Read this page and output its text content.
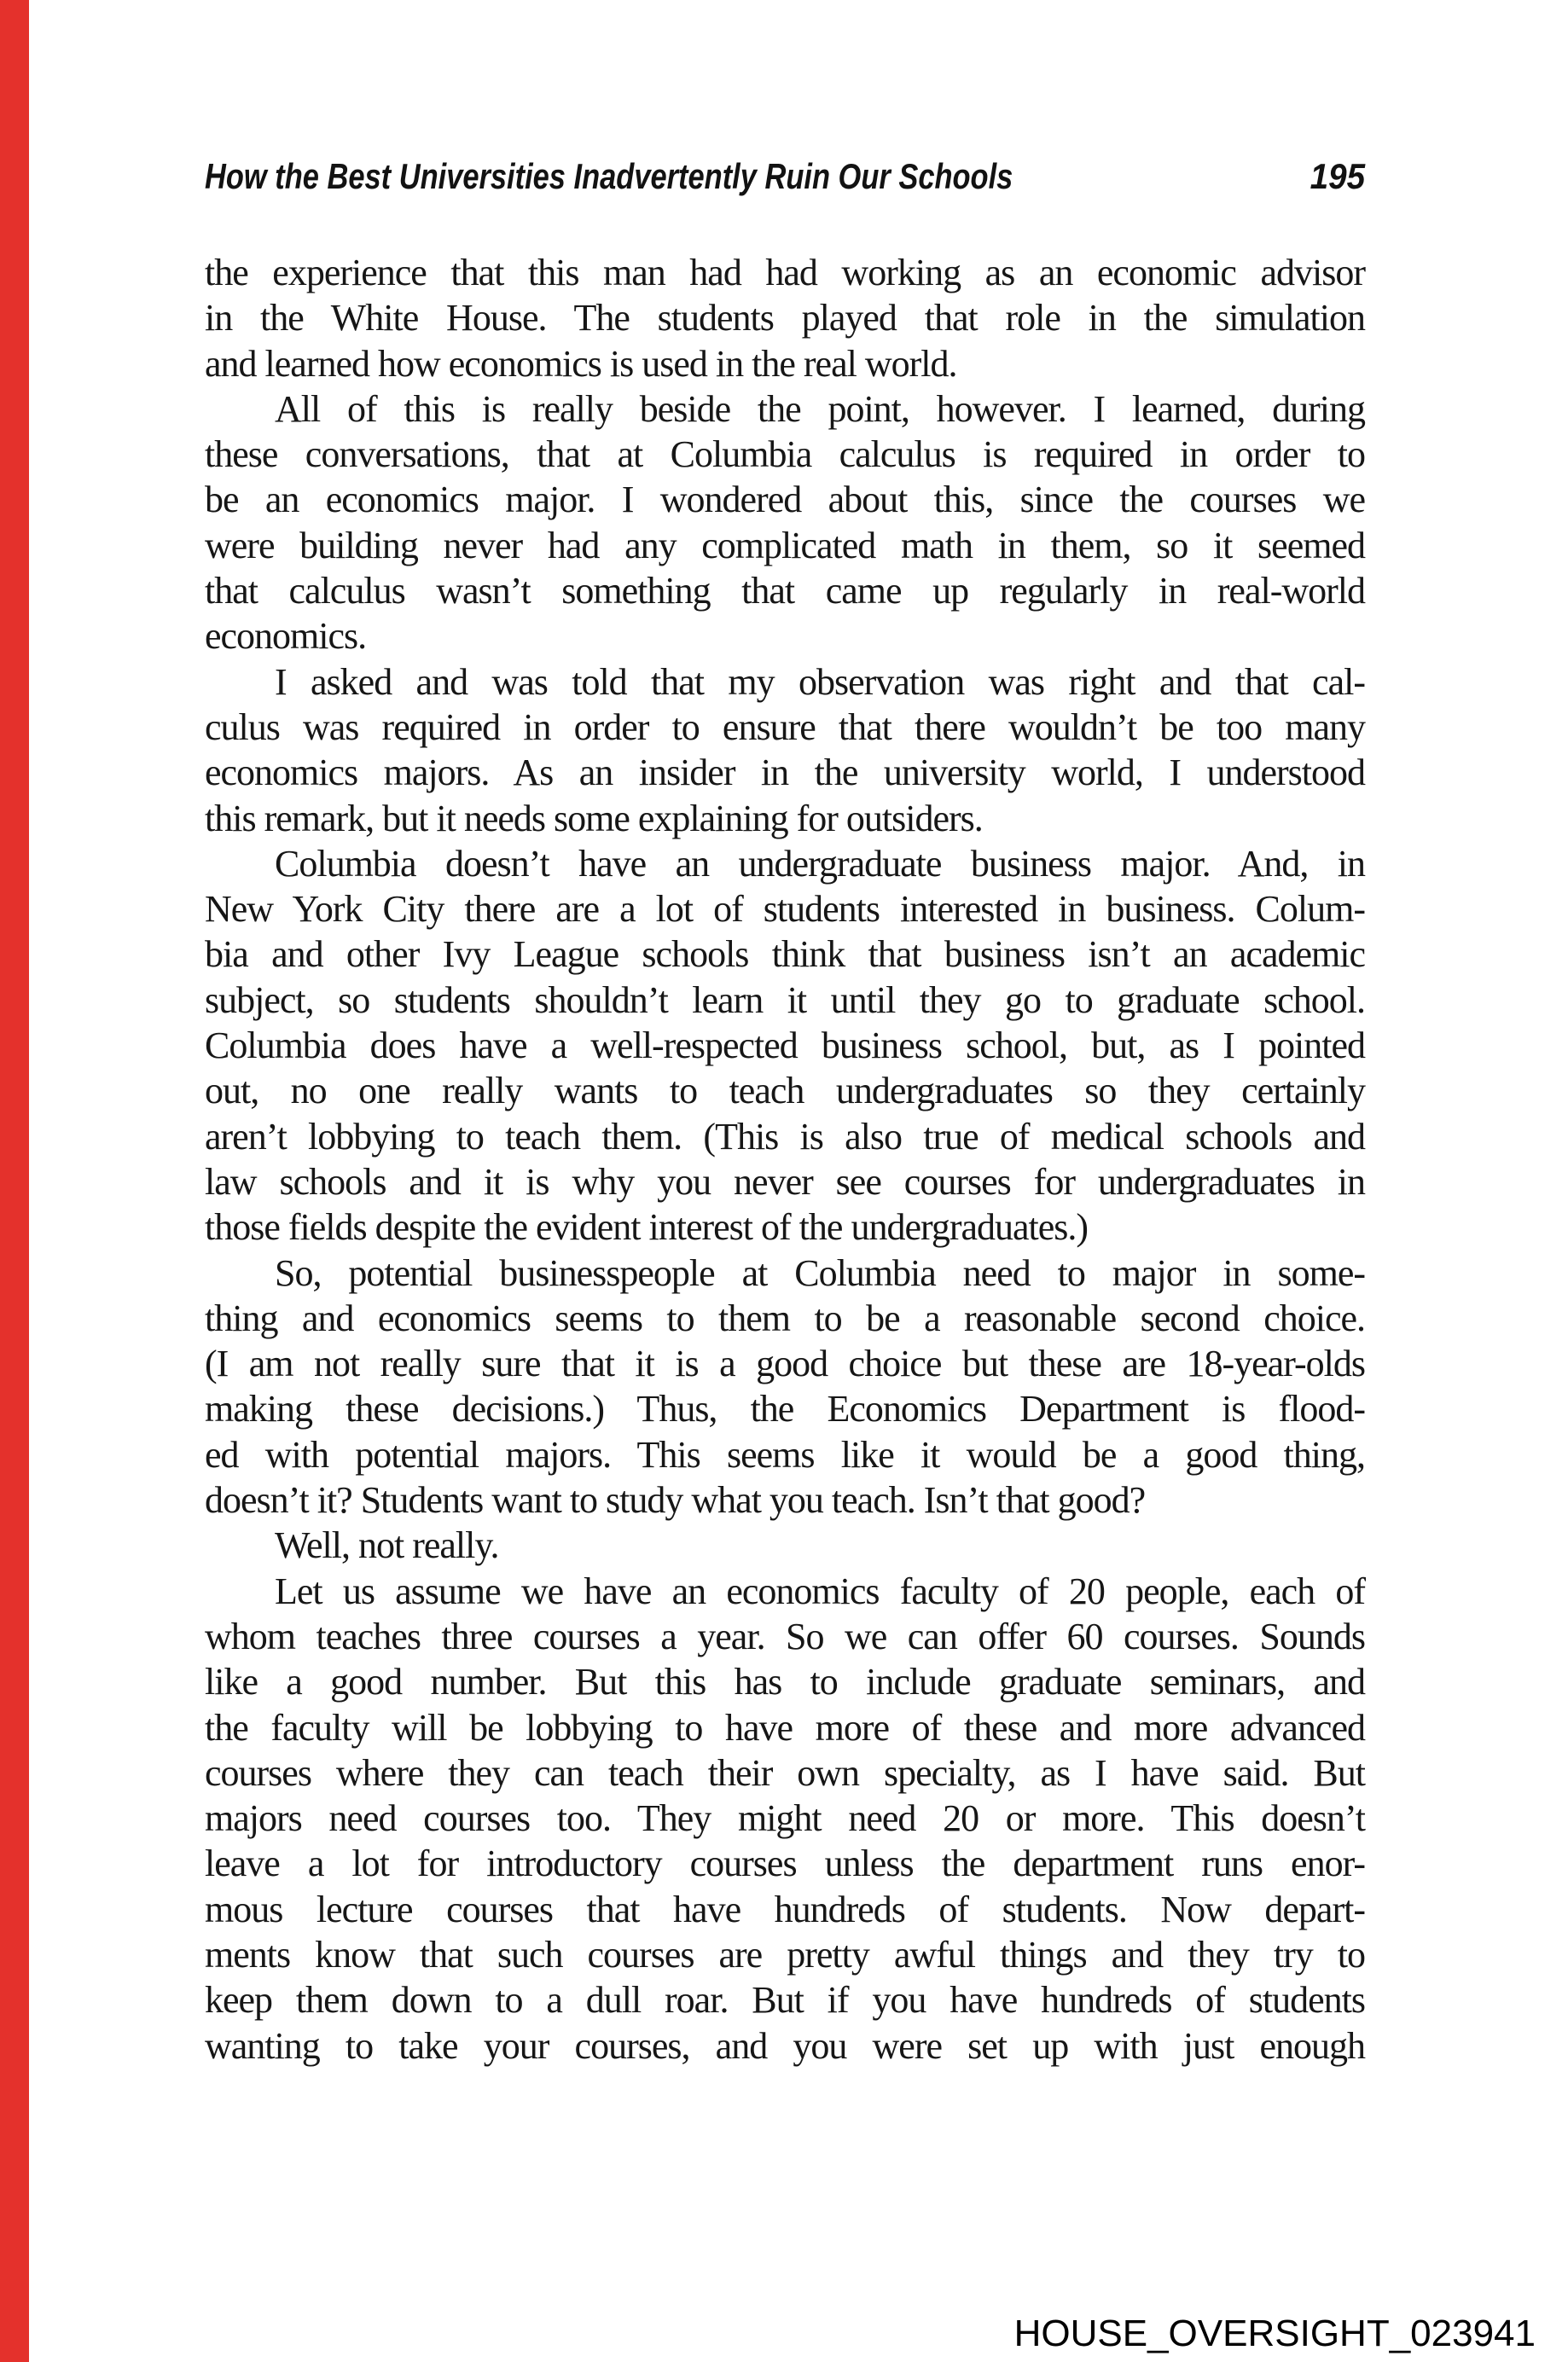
How the Best Universities Inadvertently Ruin Our Schools	195
the experience that this man had had working as an economic advisor
in the White House. The students played that role in the simulation
and learned how economics is used in the real world.
All of this is really beside the point, however. I learned, during
these conversations, that at Columbia calculus is required in order to
be an economics major. I wondered about this, since the courses we
were building never had any complicated math in them, so it seemed
that calculus wasn’t something that came up regularly in real-world
economics.
I asked and was told that my observation was right and that cal-
culus was required in order to ensure that there wouldn’t be too many
economics majors. As an insider in the university world, I understood
this remark, but it needs some explaining for outsiders.
Columbia doesn’t have an undergraduate business major. And, in
New York City there are a lot of students interested in business. Colum-
bia and other Ivy League schools think that business isn’t an academic
subject, so students shouldn’t learn it until they go to graduate school.
Columbia does have a well-respected business school, but, as I pointed
out, no one really wants to teach undergraduates so they certainly
aren’t lobbying to teach them. (This is also true of medical schools and
law schools and it is why you never see courses for undergraduates in
those fields despite the evident interest of the undergraduates.)
So, potential businesspeople at Columbia need to major in some-
thing and economics seems to them to be a reasonable second choice.
(I am not really sure that it is a good choice but these are 18-year-olds
making these decisions.) Thus, the Economics Department is flood-
ed with potential majors. This seems like it would be a good thing,
doesn’t it? Students want to study what you teach. Isn’t that good?
Well, not really.
Let us assume we have an economics faculty of 20 people, each of
whom teaches three courses a year. So we can offer 60 courses. Sounds
like a good number. But this has to include graduate seminars, and
the faculty will be lobbying to have more of these and more advanced
courses where they can teach their own specialty, as I have said. But
majors need courses too. They might need 20 or more. This doesn’t
leave a lot for introductory courses unless the department runs enor-
mous lecture courses that have hundreds of students. Now depart-
ments know that such courses are pretty awful things and they try to
keep them down to a dull roar. But if you have hundreds of students
wanting to take your courses, and you were set up with just enough
HOUSE_OVERSIGHT_023941
